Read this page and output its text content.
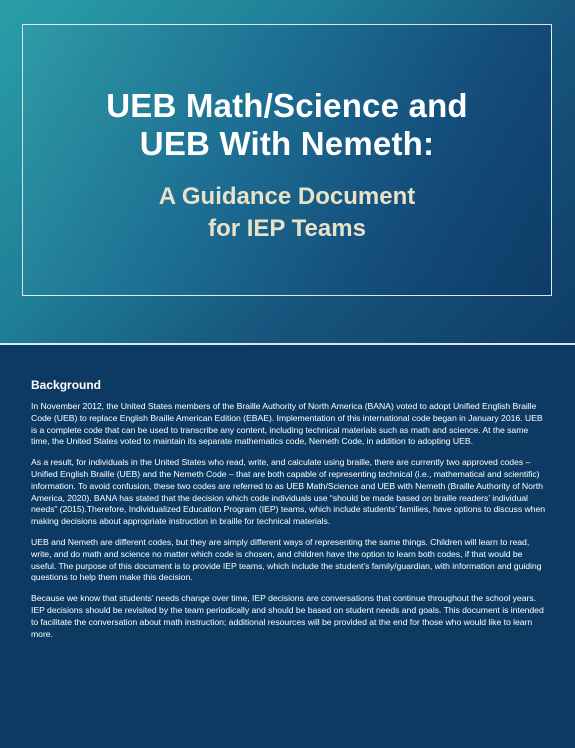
UEB Math/Science and
UEB With Nemeth:
A Guidance Document
for IEP Teams
Background

In November 2012, the United States members of the Braille Authority of North America (BANA) voted to adopt Unified English Braille Code (UEB) to replace English Braille American Edition (EBAE). Implementation of this international code began in January 2016. UEB is a complete code that can be used to transcribe any content, including technical materials such as math and science. At the same time, the United States voted to maintain its separate mathematics code, Nemeth Code, in addition to adopting UEB.

As a result, for individuals in the United States who read, write, and calculate using braille, there are currently two approved codes – Unified English Braille (UEB) and the Nemeth Code – that are both capable of representing technical (i.e., mathematical and scientific) information. To avoid confusion, these two codes are referred to as UEB Math/Science and UEB with Nemeth (Braille Authority of North America, 2020). BANA has stated that the decision which code individuals use “should be made based on braille readers’ individual needs” (2015).Therefore, Individualized Education Program (IEP) teams, which include students’ families, have options to discuss when making decisions about appropriate instruction in braille for technical materials.

UEB and Nemeth are different codes, but they are simply different ways of representing the same things. Children will learn to read, write, and do math and science no matter which code is chosen, and children have the option to learn both codes, if that would be useful. The purpose of this document is to provide IEP teams, which include the student’s family/guardian, with information and guiding questions to help them make this decision.

Because we know that students’ needs change over time, IEP decisions are conversations that continue throughout the school years. IEP decisions should be revisited by the team periodically and should be based on student needs and goals. This document is intended to facilitate the conversation about math instruction; additional resources will be provided at the end for those who would like to learn more.
